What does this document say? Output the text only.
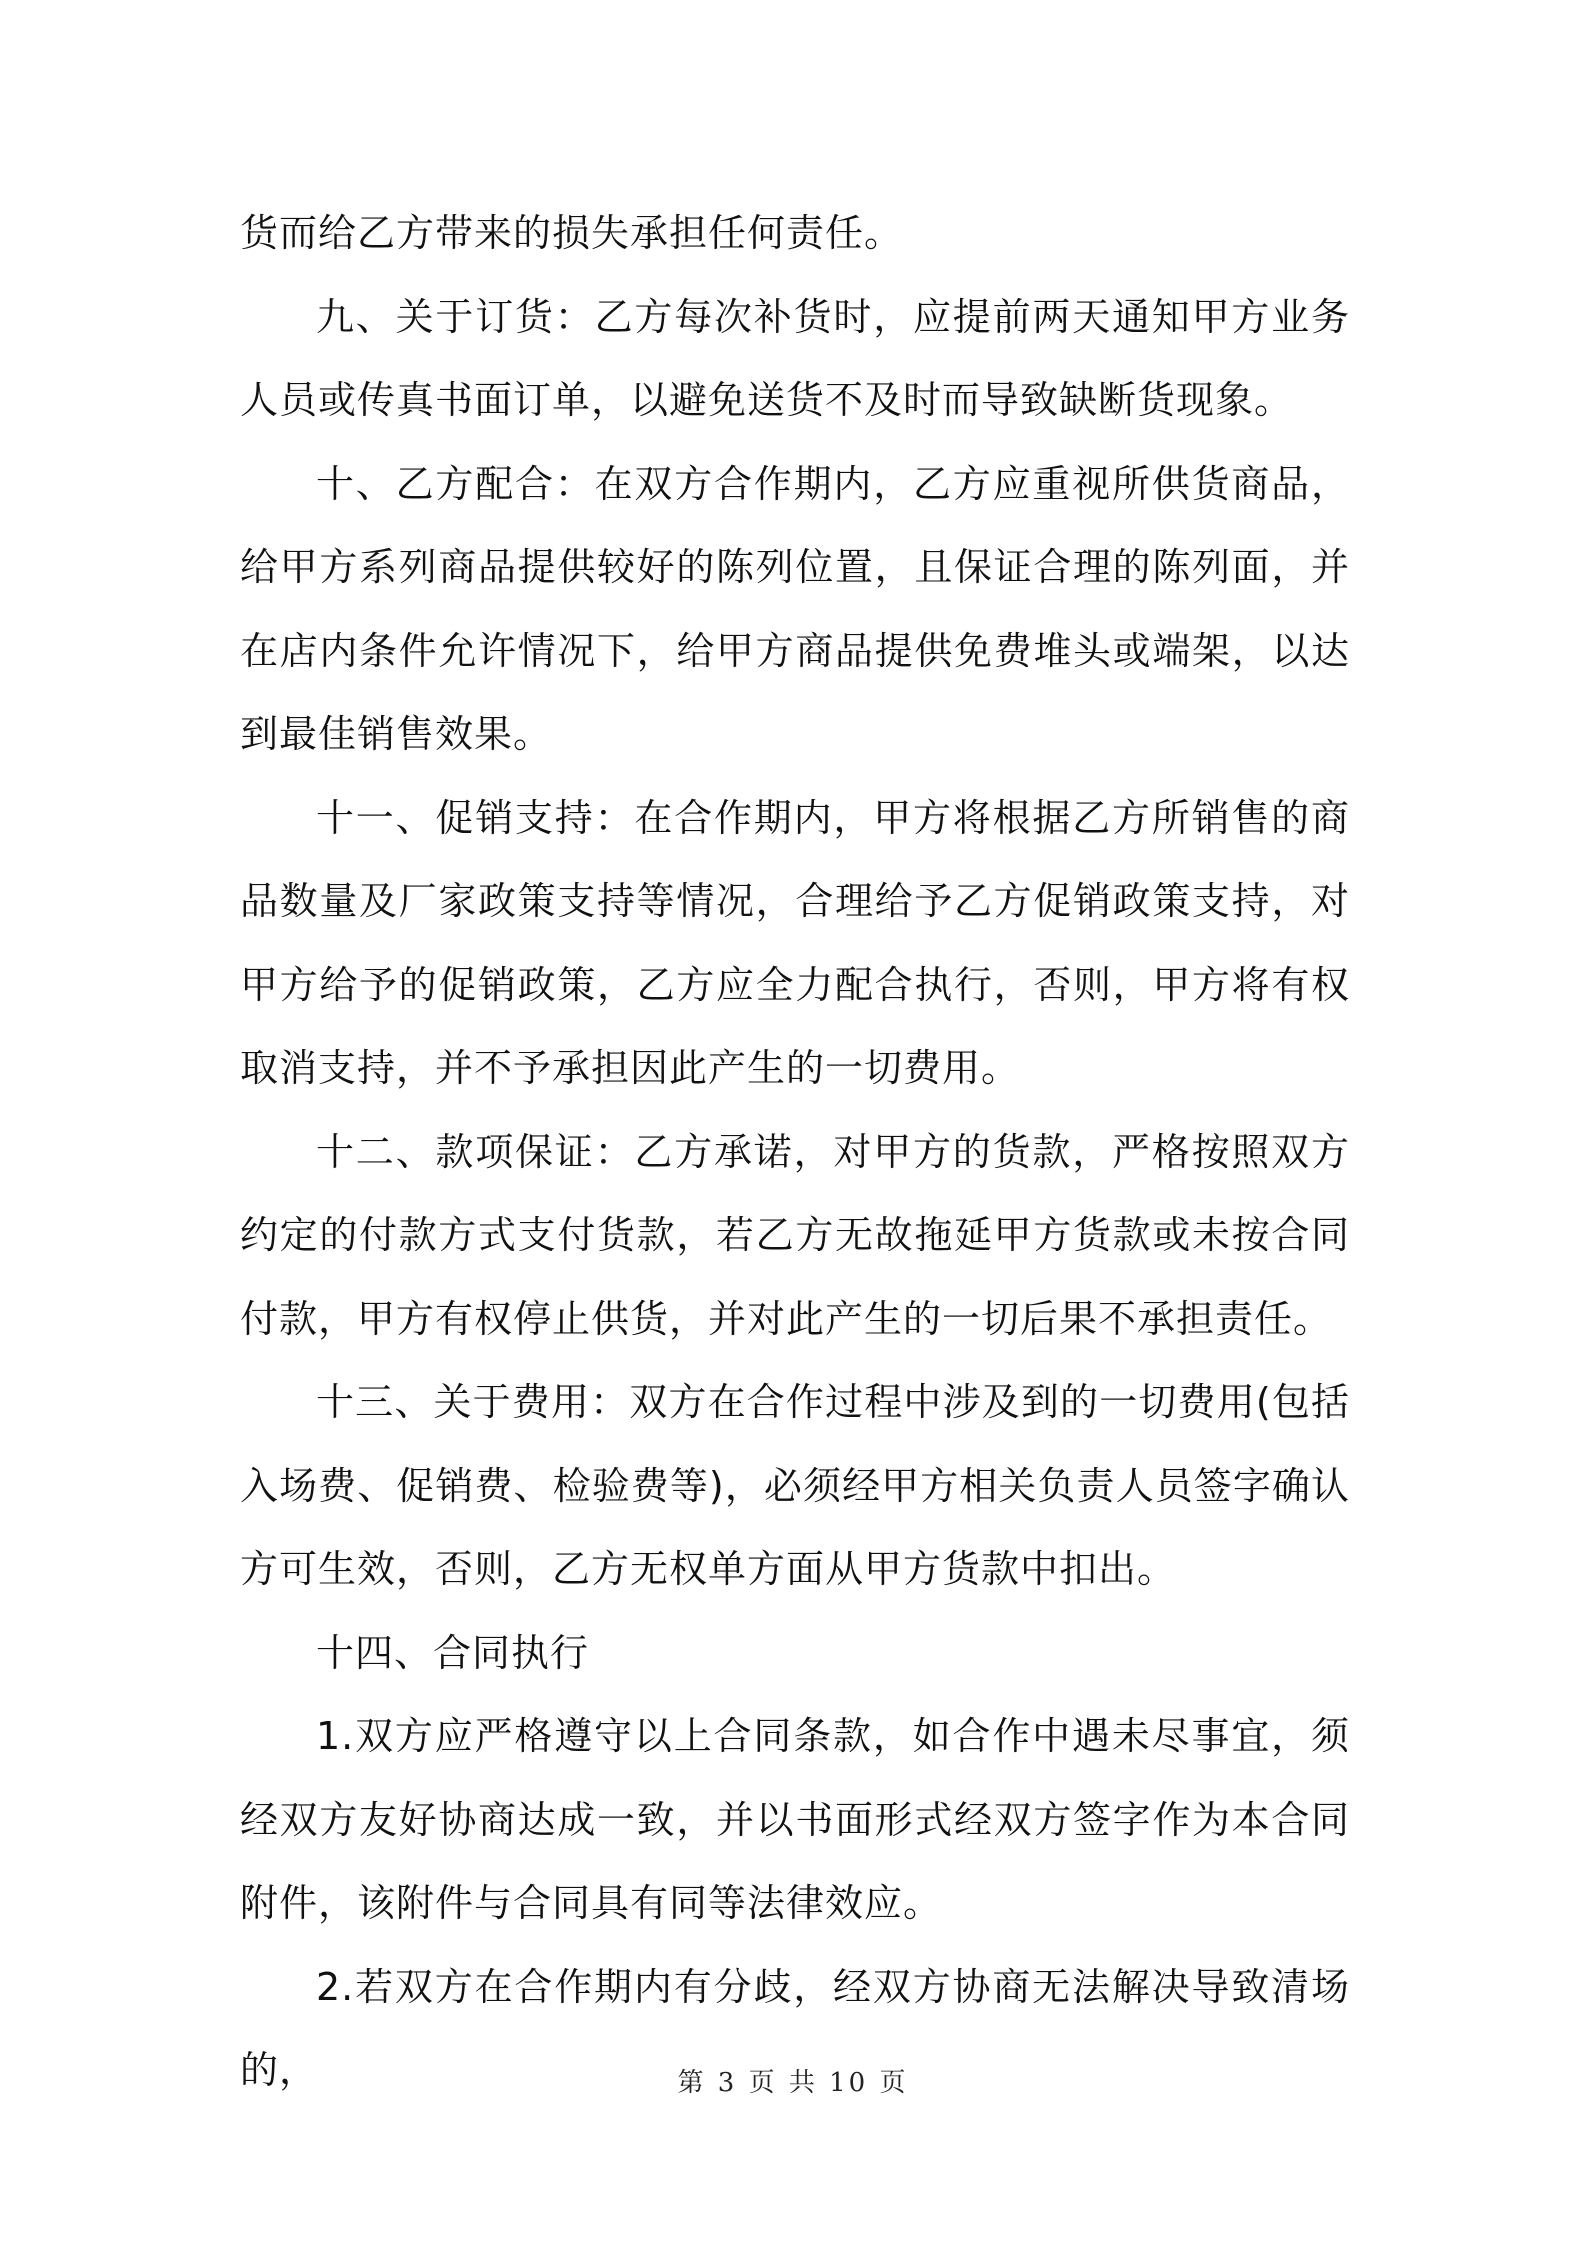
货而给乙方带来的损失承担任何责任。

九、关于订货：乙方每次补货时，应提前两天通知甲方业务人员或传真书面订单，以避免送货不及时而导致缺断货现象。

十、乙方配合：在双方合作期内，乙方应重视所供货商品，给甲方系列商品提供较好的陈列位置，且保证合理的陈列面，并在店内条件允许情况下，给甲方商品提供免费堆头或端架，以达到最佳销售效果。

十一、促销支持：在合作期内，甲方将根据乙方所销售的商品数量及厂家政策支持等情况，合理给予乙方促销政策支持，对甲方给予的促销政策，乙方应全力配合执行，否则，甲方将有权取消支持，并不予承担因此产生的一切费用。

十二、款项保证：乙方承诺，对甲方的货款，严格按照双方约定的付款方式支付货款，若乙方无故拖延甲方货款或未按合同付款，甲方有权停止供货，并对此产生的一切后果不承担责任。

十三、关于费用：双方在合作过程中涉及到的一切费用(包括入场费、促销费、检验费等)，必须经甲方相关负责人员签字确认方可生效，否则，乙方无权单方面从甲方货款中扣出。

十四、合同执行

1.双方应严格遵守以上合同条款，如合作中遇未尽事宜，须经双方友好协商达成一致，并以书面形式经双方签字作为本合同附件，该附件与合同具有同等法律效应。

2.若双方在合作期内有分歧，经双方协商无法解决导致清场的，	第 3 页 共 10 页
